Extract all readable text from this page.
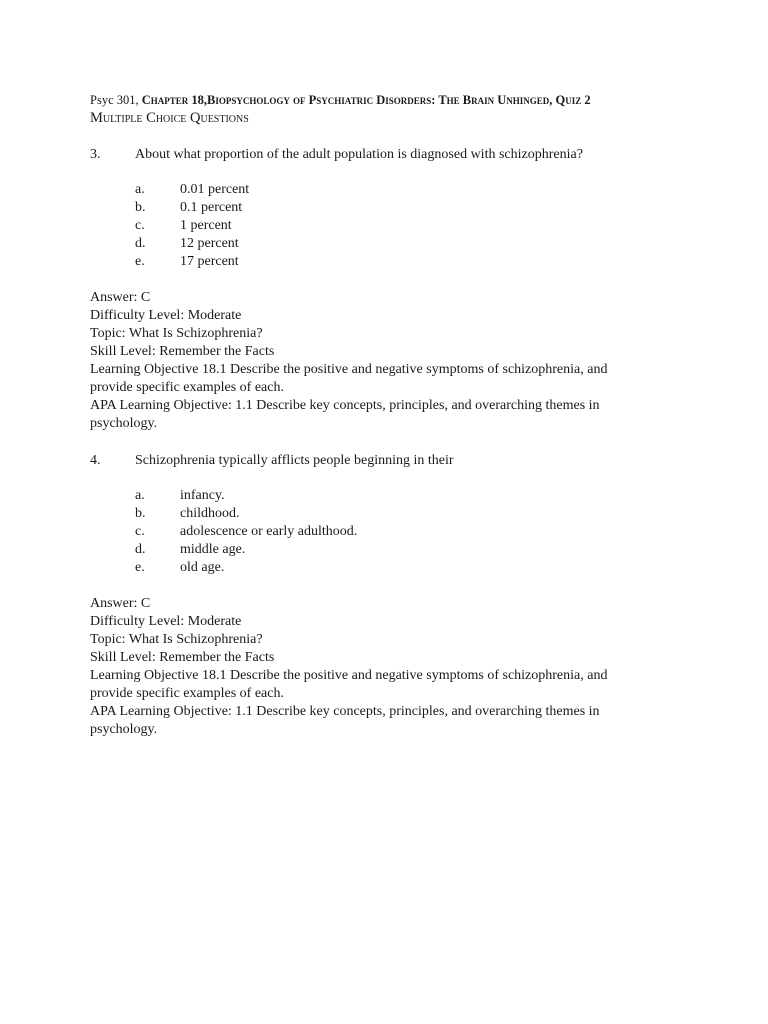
Psyc 301, Chapter 18,Biopsychology of Psychiatric Disorders: The Brain Unhinged, Quiz 2
Multiple Choice Questions
3.	About what proportion of the adult population is diagnosed with schizophrenia?
a.	0.01 percent
b.	0.1 percent
c.	1 percent
d.	12 percent
e.	17 percent
Answer: C
Difficulty Level: Moderate
Topic: What Is Schizophrenia?
Skill Level: Remember the Facts
Learning Objective 18.1 Describe the positive and negative symptoms of schizophrenia, and
provide specific examples of each.
APA Learning Objective: 1.1 Describe key concepts, principles, and overarching themes in
psychology.
4.	Schizophrenia typically afflicts people beginning in their
a.	infancy.
b.	childhood.
c.	adolescence or early adulthood.
d.	middle age.
e.	old age.
Answer: C
Difficulty Level: Moderate
Topic: What Is Schizophrenia?
Skill Level: Remember the Facts
Learning Objective 18.1 Describe the positive and negative symptoms of schizophrenia, and
provide specific examples of each.
APA Learning Objective: 1.1 Describe key concepts, principles, and overarching themes in
psychology.
